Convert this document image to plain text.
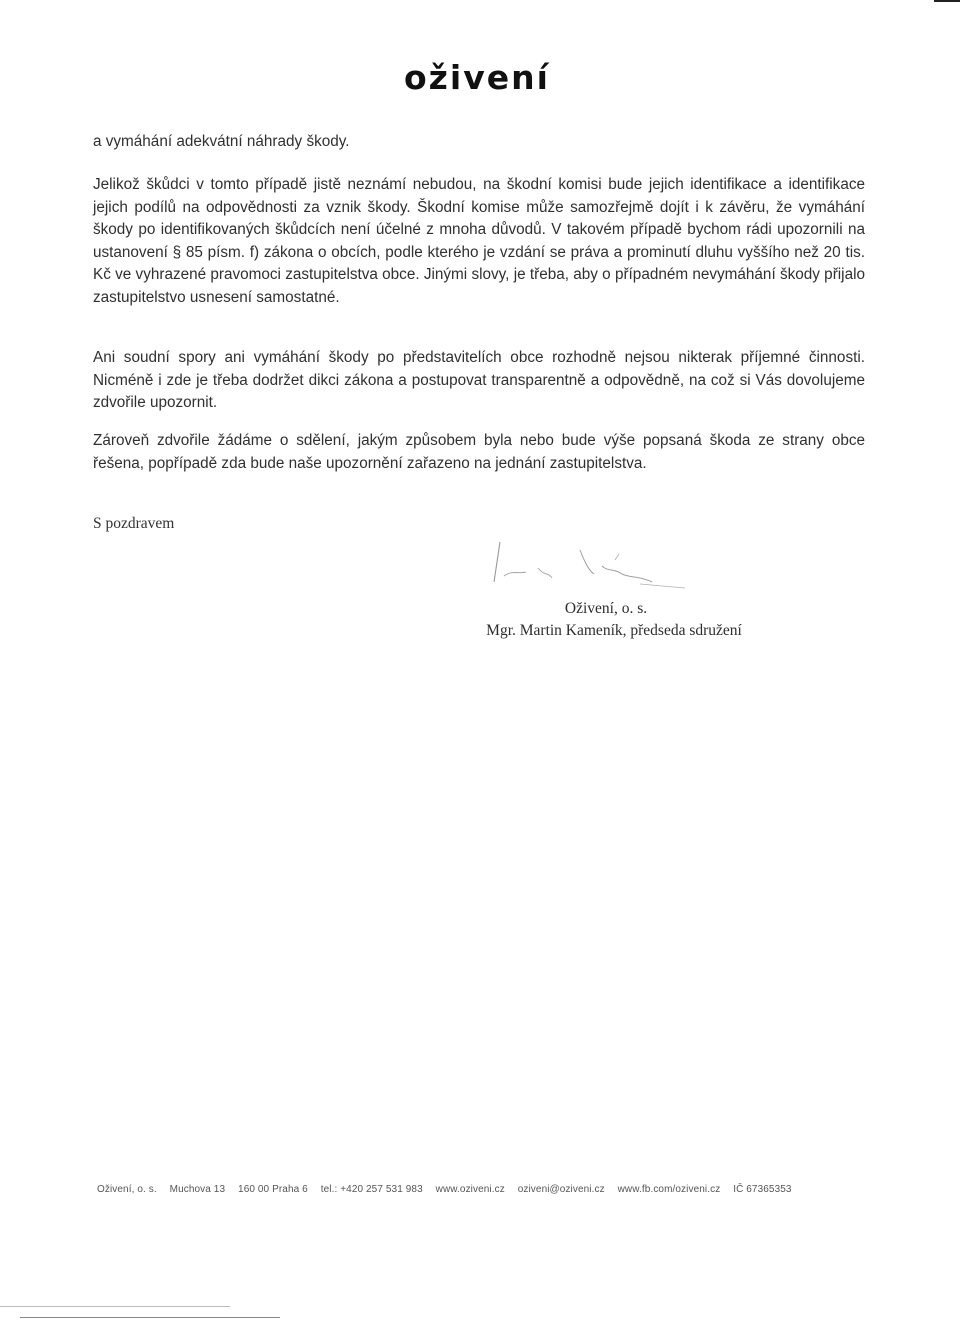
oživení

a vymáhání adekvátní náhrady škody.

Jelikož škůdci v tomto případě jistě neznámí nebudou, na škodní komisi bude jejich identifikace a identifikace jejich podílů na odpovědnosti za vznik škody. Škodní komise může samozřejmě dojít i k závěru, že vymáhání škody po identifikovaných škůdcích není účelné z mnoha důvodů. V takovém případě bychom rádi upozornili na ustanovení § 85 písm. f) zákona o obcích, podle kterého je vzdání se práva a prominutí dluhu vyššího než 20 tis. Kč ve vyhrazené pravomoci zastupitelstva obce. Jinými slovy, je třeba, aby o případném nevymáhání škody přijalo zastupitelstvo usnesení samostatné.

Ani soudní spory ani vymáhání škody po představitelích obce rozhodně nejsou nikterak příjemné činnosti. Nicméně i zde je třeba dodržet dikci zákona a postupovat transparentně a odpovědně, na což si Vás dovolujeme zdvořile upozornit.

Zároveň zdvořile žádáme o sdělení, jakým způsobem byla nebo bude výše popsaná škoda ze strany obce řešena, popřípadě zda bude naše upozornění zařazeno na jednání zastupitelstva.

S pozdravem
Oživení, o. s.
Mgr. Martin Kameník, předseda sdružení
Oživení, o. s. Muchova 13 160 00 Praha 6 tel.: +420 257 531 983 www.oziveni.cz oziveni@oziveni.cz www.fb.com/oziveni.cz IČ 67365353
